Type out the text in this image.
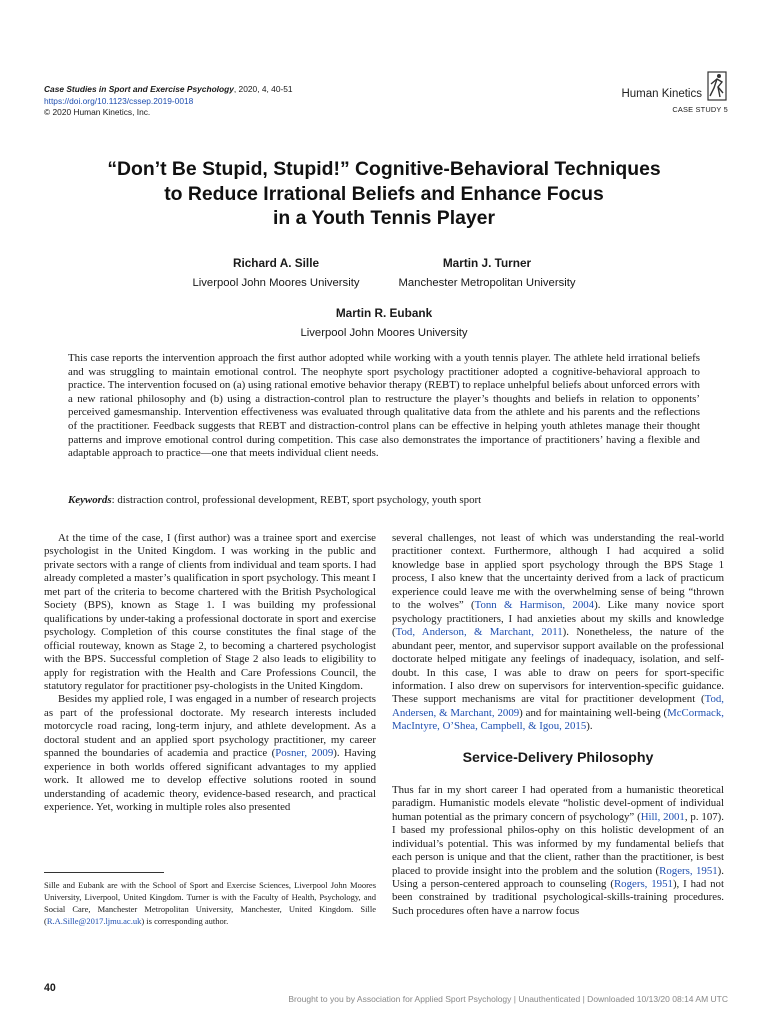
Case Studies in Sport and Exercise Psychology, 2020, 4, 40-51
https://doi.org/10.1123/cssep.2019-0018
© 2020 Human Kinetics, Inc.
Human Kinetics
CASE STUDY 5
“Don’t Be Stupid, Stupid!” Cognitive-Behavioral Techniques
to Reduce Irrational Beliefs and Enhance Focus
in a Youth Tennis Player
Richard A. Sille
Liverpool John Moores University
Martin J. Turner
Manchester Metropolitan University
Martin R. Eubank
Liverpool John Moores University
This case reports the intervention approach the first author adopted while working with a youth tennis player. The athlete held irrational beliefs and was struggling to maintain emotional control. The neophyte sport psychology practitioner adopted a cognitive-behavioral approach to practice. The intervention focused on (a) using rational emotive behavior therapy (REBT) to replace unhelpful beliefs about unforced errors with a new rational philosophy and (b) using a distraction-control plan to restructure the player’s thoughts and beliefs in relation to opponents’ perceived gamesmanship. Intervention effectiveness was evaluated through qualitative data from the athlete and his parents and the reflections of the practitioner. Feedback suggests that REBT and distraction-control plans can be effective in helping youth athletes manage their thought patterns and improve emotional control during competition. This case also demonstrates the importance of practitioners’ having a flexible and adaptable approach to practice—one that meets individual client needs.
Keywords: distraction control, professional development, REBT, sport psychology, youth sport

At the time of the case, I (first author) was a trainee sport and exercise psychologist in the United Kingdom. I was working in the public and private sectors with a range of clients from individual and team sports. I had already completed a master’s qualification in sport psychology. This meant I met part of the criteria to become chartered with the British Psychological Society (BPS), known as Stage 1. I was building my professional qualifications by under-taking a professional doctorate in sport and exercise psychology. Completion of this course constitutes the final stage of the official routeway, known as Stage 2, to becoming a chartered psychologist with the BPS. Successful completion of Stage 2 also leads to eligibility to apply for registration with the Health and Care Professions Council, the statutory regulator for practitioner psy-chologists in the United Kingdom.

Besides my applied role, I was engaged in a number of research projects as part of the professional doctorate. My research interests included motorcycle road racing, long-term injury, and athlete development. As a doctoral student and an applied sport psychology practitioner, my career spanned the boundaries of academia and practice (Posner, 2009). Having experience in both worlds offered significant advantages to my applied work. It allowed me to develop effective solutions rooted in sound understanding of academic theory, evidence-based research, and practical experience. Yet, working in multiple roles also presented

several challenges, not least of which was understanding the real-world practitioner context. Furthermore, although I had acquired a solid knowledge base in applied sport psychology through the BPS Stage 1 process, I also knew that the uncertainty derived from a lack of practicum experience could leave me with the overwhelming sense of being “thrown to the wolves” (Tonn & Harmison, 2004). Like many novice sport psychology practitioners, I had anxieties about my skills and knowledge (Tod, Anderson, & Marchant, 2011). Nonetheless, the nature of the abundant peer, mentor, and supervisor support available on the professional doctorate helped mitigate any feelings of inadequacy, isolation, and self-doubt. In this case, I was able to draw on peers for sport-specific information. I also drew on supervisors for intervention-specific guidance. These support mechanisms are vital for practitioner development (Tod, Andersen, & Marchant, 2009) and for maintaining well-being (McCormack, MacIntyre, O’Shea, Campbell, & Igou, 2015).

Service-Delivery Philosophy

Thus far in my short career I had operated from a humanistic theoretical paradigm. Humanistic models elevate “holistic devel-opment of individual human potential as the primary concern of psychology” (Hill, 2001, p. 107). I based my professional philos-ophy on this holistic development of an individual’s potential. This was informed by my fundamental beliefs that each person is unique and that the client, rather than the practitioner, is best placed to provide insight into the problem and the solution (Rogers, 1951). Using a person-centered approach to counseling (Rogers, 1951), I had not been constrained by traditional psychological-skills-training procedures. Such procedures often have a narrow focus

Sille and Eubank are with the School of Sport and Exercise Sciences, Liverpool John Moores University, Liverpool, United Kingdom. Turner is with the Faculty of Health, Psychology, and Social Care, Manchester Metropolitan University, Manchester, United Kingdom. Sille (R.A.Sille@2017.ljmu.ac.uk) is corresponding author.
40
Brought to you by Association for Applied Sport Psychology | Unauthenticated | Downloaded 10/13/20 08:14 AM UTC
